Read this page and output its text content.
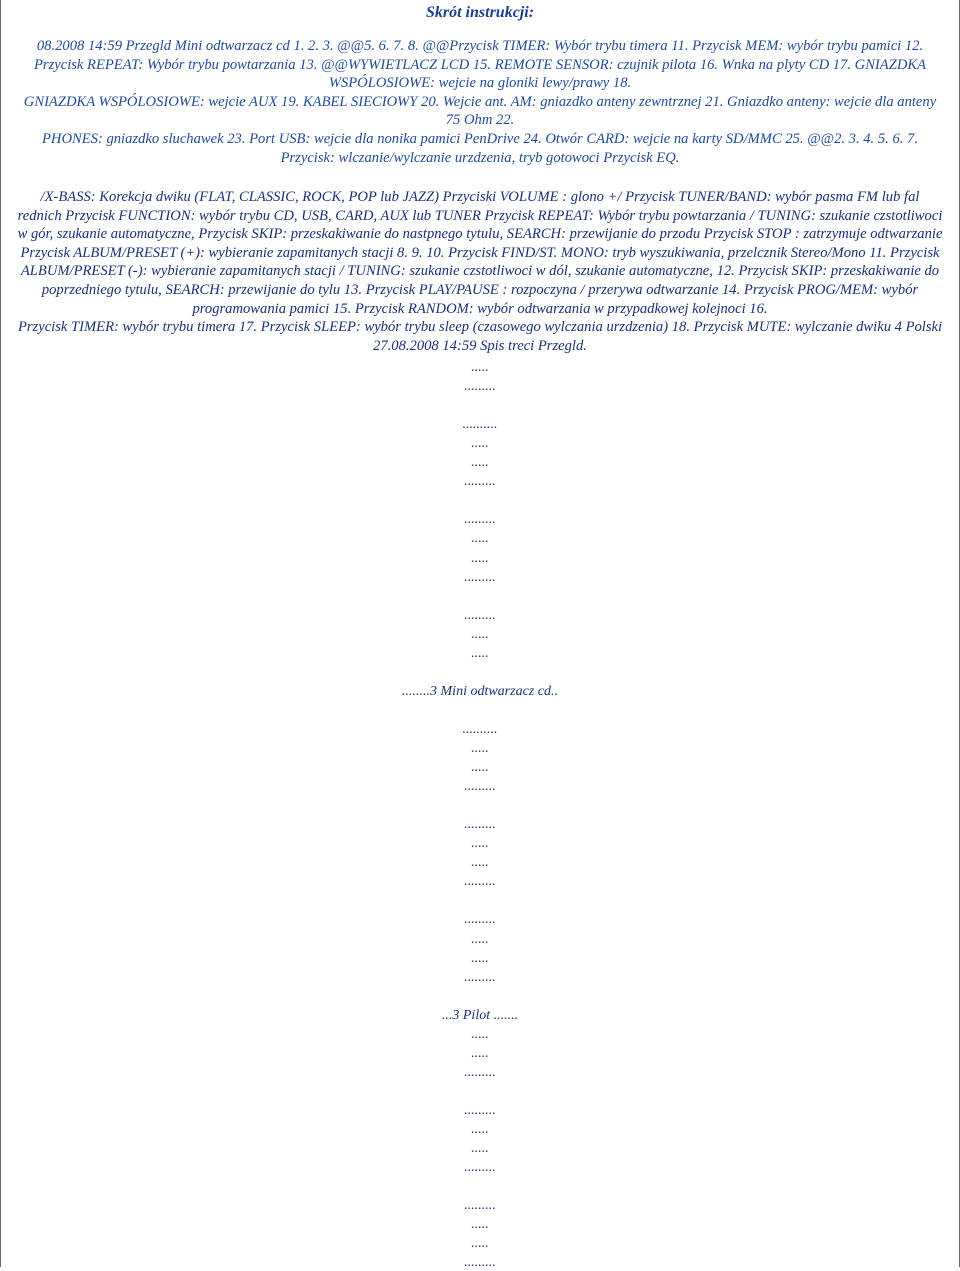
Skrót instrukcji:

08.2008 14:59 Przegld Mini odtwarzacz cd 1. 2. 3. @@5. 6. 7. 8. @@Przycisk TIMER: Wybór trybu timera 11. Przycisk MEM: wybór trybu pamici 12.

Przycisk REPEAT: Wybór trybu powtarzania 13. @@WYWIETLACZ LCD 15. REMOTE SENSOR: czujnik pilota 16. Wnka na plyty CD 17. GNIAZDKA

WSPÓLOSIOWE: wejcie na gloniki lewy/prawy 18.

GNIAZDKA WSPÓLOSIOWE: wejcie AUX 19. KABEL SIECIOWY 20. Wejcie ant. AM: gniazdko anteny zewntrznej 21. Gniazdko anteny: wejcie dla anteny

75 Ohm 22.

PHONES: gniazdko sluchawek 23. Port USB: wejcie dla nonika pamici PenDrive 24. Otwór CARD: wejcie na karty SD/MMC 25. @@2. 3. 4. 5. 6. 7.

Przycisk: wlczanie/wylczanie urzdzenia, tryb gotowoci Przycisk EQ.

/X-BASS: Korekcja dwiku (FLAT, CLASSIC, ROCK, POP lub JAZZ) Przyciski VOLUME : glono +/ Przycisk TUNER/BAND: wybór pasma FM lub fal

rednich Przycisk FUNCTION: wybór trybu CD, USB, CARD, AUX lub TUNER Przycisk REPEAT: Wybór trybu powtarzania / TUNING: szukanie czstotliwoci

w gór, szukanie automatyczne, Przycisk SKIP: przeskakiwanie do nastpnego tytulu, SEARCH: przewijanie do przodu Przycisk STOP : zatrzymuje odtwarzanie

Przycisk ALBUM/PRESET (+): wybieranie zapamitanych stacji 8. 9. 10. Przycisk FIND/ST. MONO: tryb wyszukiwania, przelcznik Stereo/Mono 11. Przycisk

ALBUM/PRESET (-): wybieranie zapamitanych stacji / TUNING: szukanie czstotliwoci w dól, szukanie automatyczne, 12. Przycisk SKIP: przeskakiwanie do

poprzedniego tytulu, SEARCH: przewijanie do tylu 13. Przycisk PLAY/PAUSE : rozpoczyna / przerywa odtwarzanie 14. Przycisk PROG/MEM: wybór

programowania pamici 15. Przycisk RANDOM: wybór odtwarzania w przypadkowej kolejnoci 16.

Przycisk TIMER: wybór trybu timera 17. Przycisk SLEEP: wybór trybu sleep (czasowego wylczania urzdzenia) 18. Przycisk MUTE: wylczanie dwiku 4 Polski

27.08.2008 14:59 Spis treci Przegld.

.....
.........
..........
.....
.....
.........
.........
.....
.....
.........
.........
.....
.....
........3 Mini odtwarzacz cd..
..........
.....
.....
.........
.........
.....
.....
.........
.........
.....
.....
.........
...3 Pilot .......
.....
.....
.........
.........
.....
.....
.........
.........
.....
.....
.........
